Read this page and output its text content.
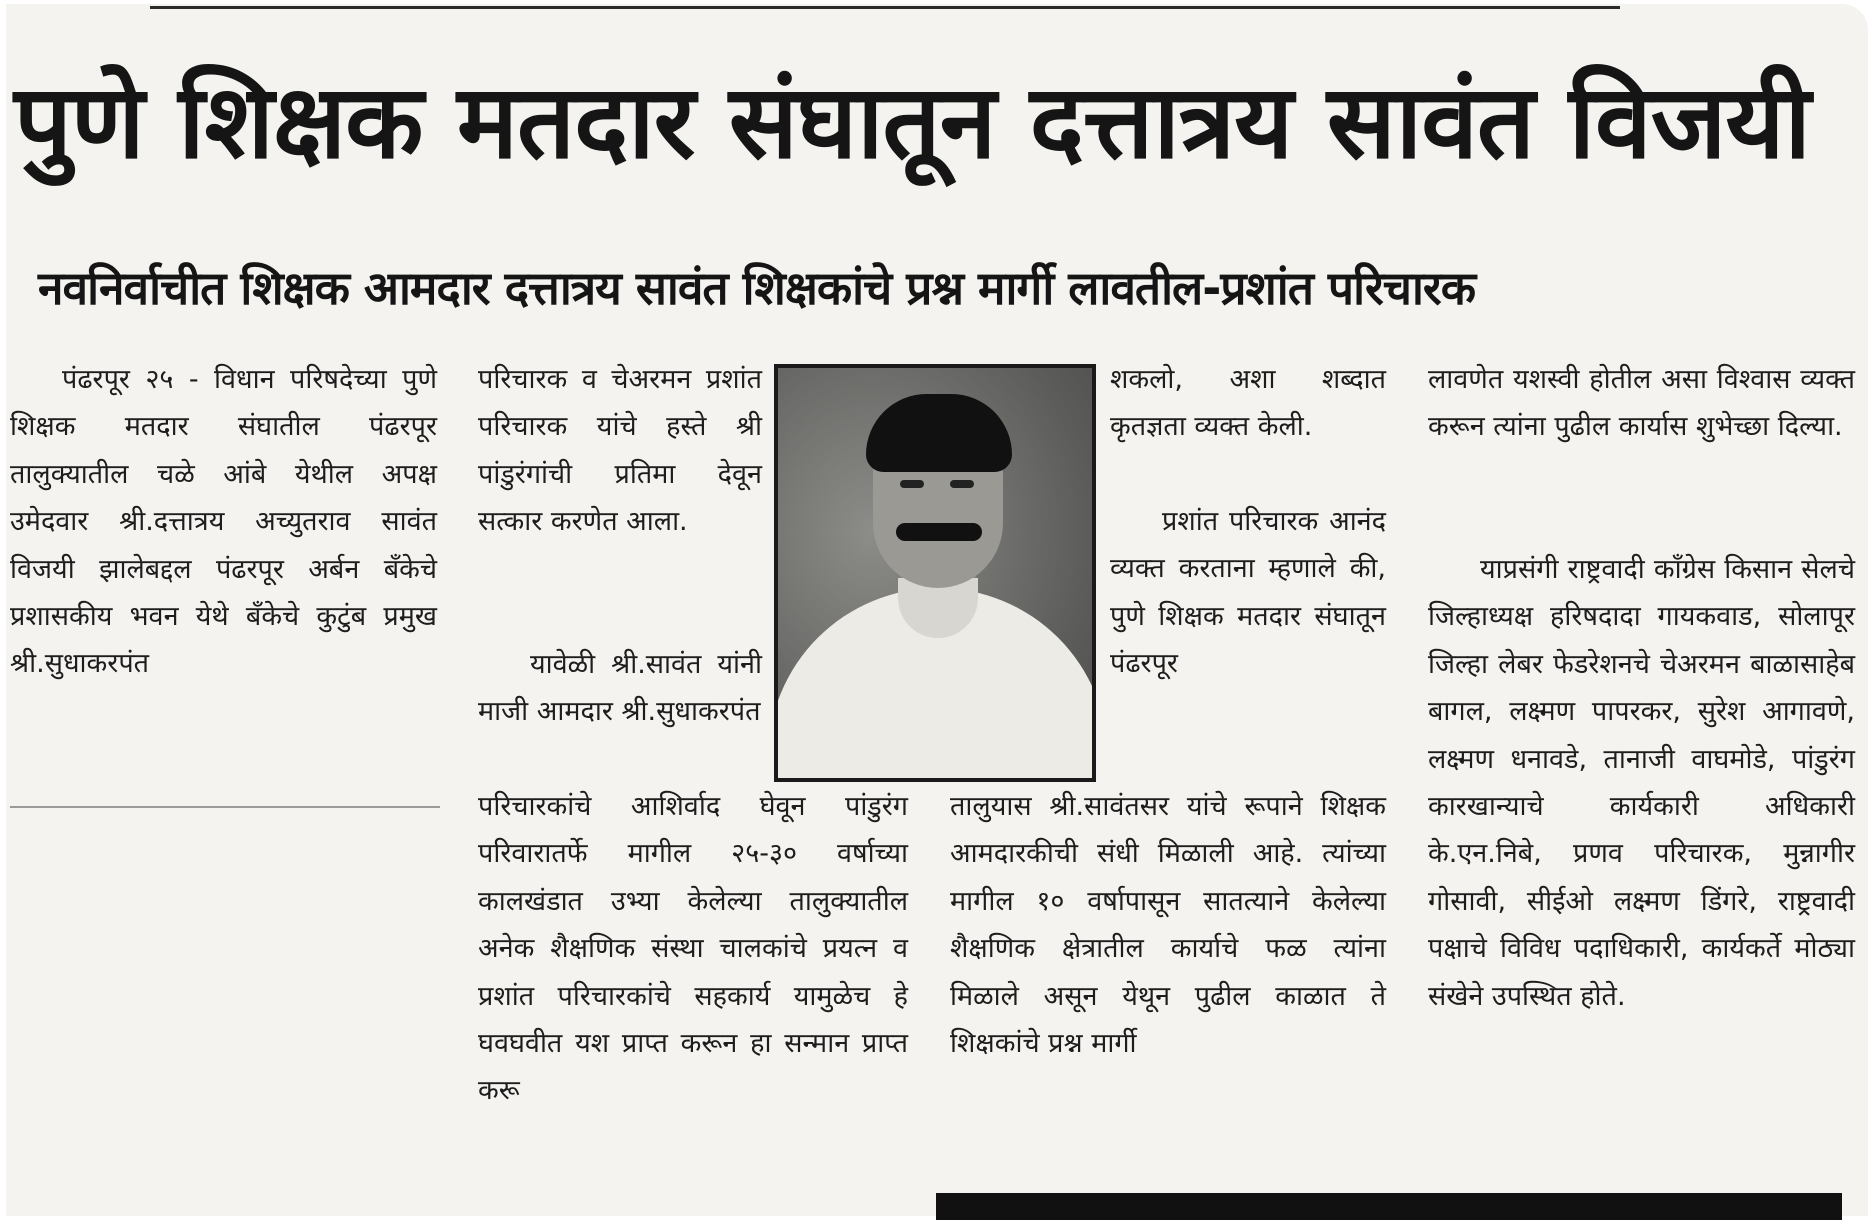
पुणे शिक्षक मतदार संघातून दत्तात्रय सावंत विजयी
नवनिर्वाचीत शिक्षक आमदार दत्तात्रय सावंत शिक्षकांचे प्रश्न मार्गी लावतील-प्रशांत परिचारक

पंढरपूर २५ - विधान परिषदेच्या पुणे शिक्षक मतदार संघातील पंढरपूर तालुक्यातील चळे आंबे येथील अपक्ष उमेदवार श्री.दत्तात्रय अच्युतराव सावंत विजयी झालेबद्दल पंढरपूर अर्बन बँकेचे प्रशासकीय भवन येथे बँकेचे कुटुंब प्रमुख श्री.सुधाकरपंत

परिचारक व चेअरमन प्रशांत परिचारक यांचे हस्ते श्री पांडुरंगांची प्रतिमा देवून सत्कार करणेत आला.

यावेळी श्री.सावंत यांनी माजी आमदार श्री.सुधाकरपंत

परिचारकांचे आशिर्वाद घेवून पांडुरंग परिवारातर्फे मागील २५-३० वर्षाच्या कालखंडात उभ्या केलेल्या तालुक्यातील अनेक शैक्षणिक संस्था चालकांचे प्रयत्न व प्रशांत परिचारकांचे सहकार्य यामुळेच हे घवघवीत यश प्राप्त करून हा सन्मान प्राप्त करू

शकलो, अशा शब्दात कृतज्ञता व्यक्त केली.

प्रशांत परिचारक आनंद व्यक्त करताना म्हणाले की, पुणे शिक्षक मतदार संघातून पंढरपूर

तालुयास श्री.सावंतसर यांचे रूपाने शिक्षक आमदारकीची संधी मिळाली आहे. त्यांच्या मागील १० वर्षापासून सातत्याने केलेल्या शैक्षणिक क्षेत्रातील कार्याचे फळ त्यांना मिळाले असून येथून पुढील काळात ते शिक्षकांचे प्रश्न मार्गी

लावणेत यशस्वी होतील असा विश्वास व्यक्त करून त्यांना पुढील कार्यास शुभेच्छा दिल्या.

याप्रसंगी राष्ट्रवादी काँग्रेस किसान सेलचे जिल्हाध्यक्ष हरिषदादा गायकवाड, सोलापूर जिल्हा लेबर फेडरेशनचे चेअरमन बाळासाहेब बागल, लक्ष्मण पापरकर, सुरेश आगावणे, लक्ष्मण धनावडे, तानाजी वाघमोडे, पांडुरंग कारखान्याचे कार्यकारी अधिकारी के.एन.निबे, प्रणव परिचारक, मुन्नागीर गोसावी, सीईओ लक्ष्मण डिंगरे, राष्ट्रवादी पक्षाचे विविध पदाधिकारी, कार्यकर्ते मोठ्या संखेने उपस्थित होते.
